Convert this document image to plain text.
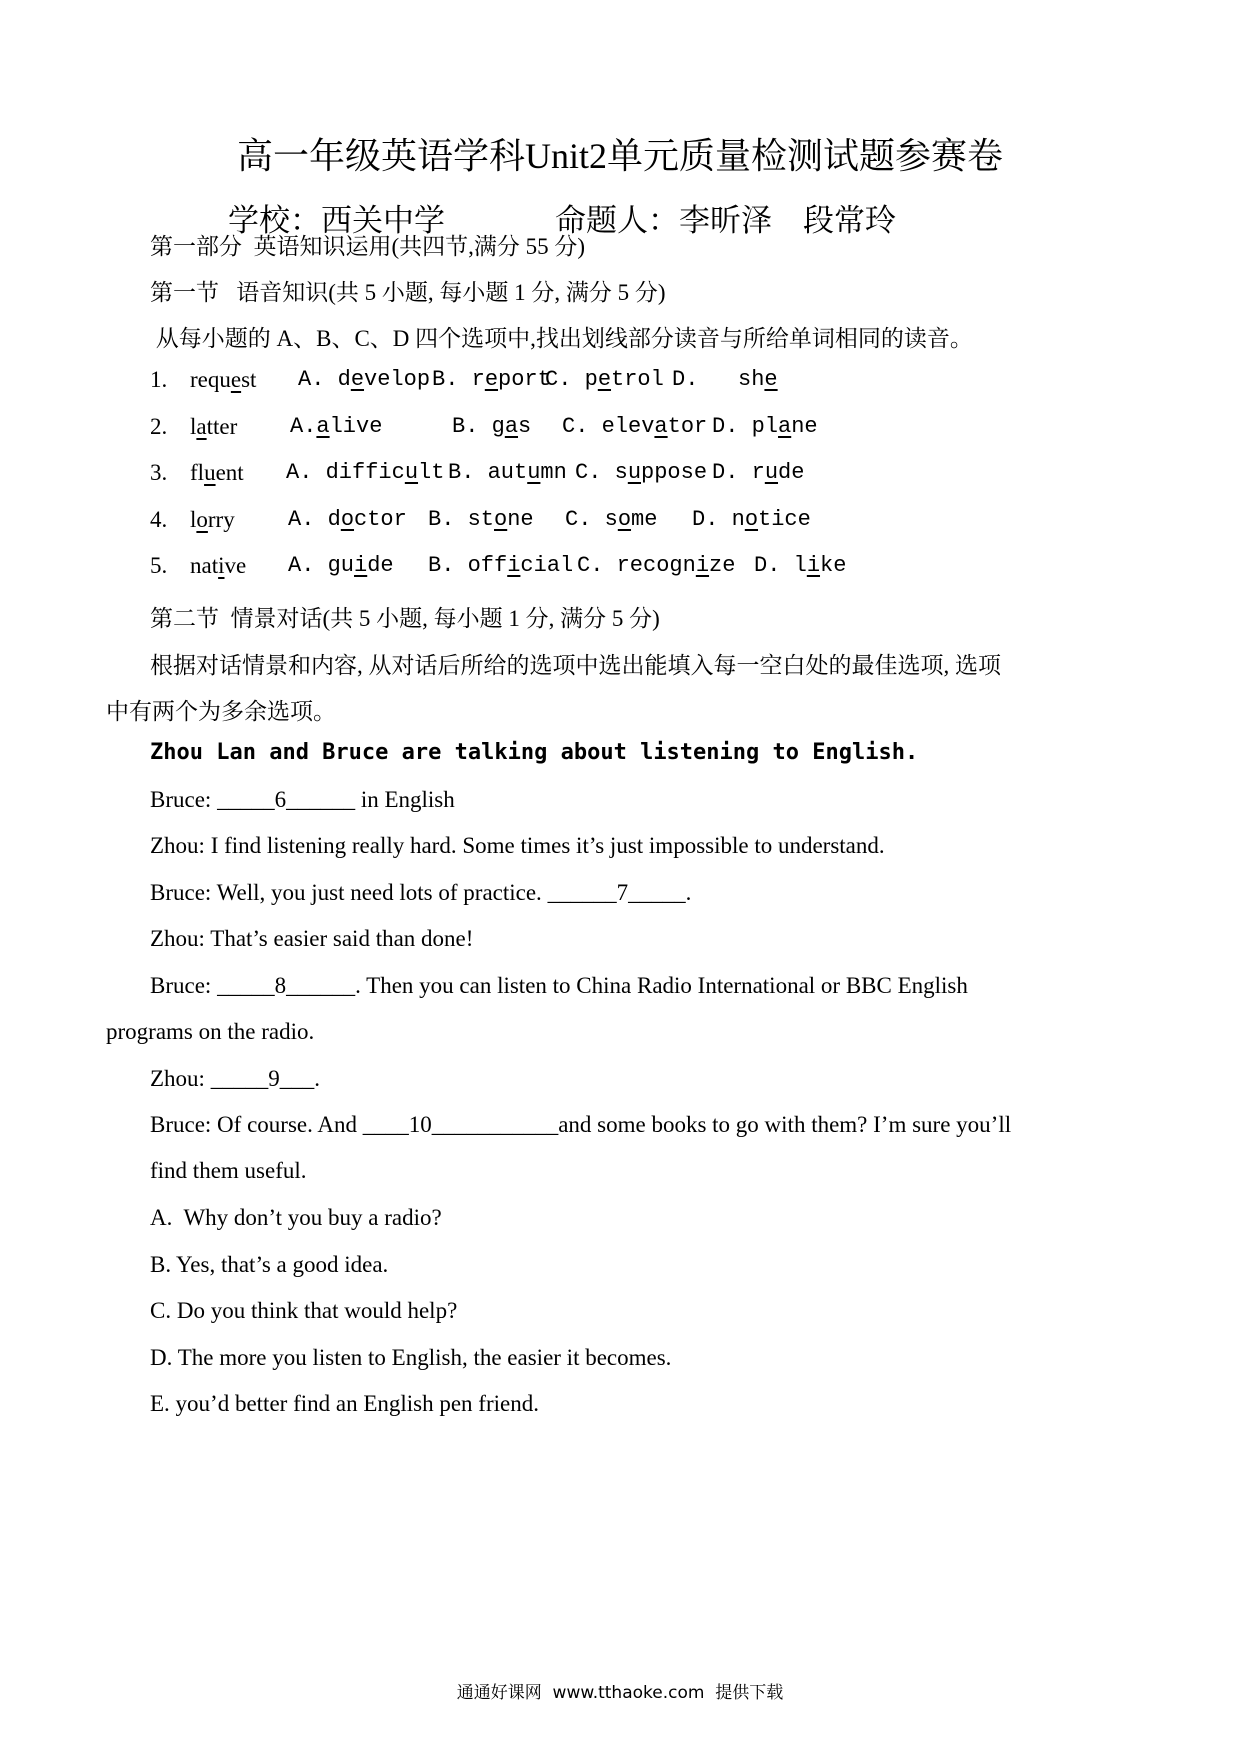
高一年级英语学科Unit2单元质量检测试题参赛卷
学校：西关中学	命题人：李昕泽 段常玲
第一部分  英语知识运用(共四节,满分 55 分)
第一节   语音知识(共 5 小题, 每小题 1 分, 满分 5 分)
从每小题的 A、B、C、D 四个选项中,找出划线部分读音与所给单词相同的读音。
1. request A. develop B. report
C. petrol D.   she
2. latter A.alive	B. gas C. elevator D. plane
3. fluent A. difficult B. autumn C. suppose D. rude
4. lorry A. doctor B. stone C. some D. notice
5. native A. guide B. official C. recognize D. like
第二节  情景对话(共 5 小题, 每小题 1 分, 满分 5 分)
根据对话情景和内容, 从对话后所给的选项中选出能填入每一空白处的最佳选项, 选项
中有两个为多余选项。
Zhou Lan and Bruce are talking about listening to English.
Bruce: _____6______ in English
Zhou: I find listening really hard. Some times it’s just impossible to understand.
Bruce: Well, you just need lots of practice. ______7_____.
Zhou: That’s easier said than done!
Bruce: _____8______. Then you can listen to China Radio International or BBC English
programs on the radio.
Zhou: _____9___.
Bruce: Of course. And ____10___________and some books to go with them? I’m sure you’ll
find them useful.
A.  Why don’t you buy a radio?
B. Yes, that’s a good idea.
C. Do you think that would help?
D. The more you listen to English, the easier it becomes.
E. you’d better find an English pen friend.
通通好课网  www.tthaoke.com  提供下载
